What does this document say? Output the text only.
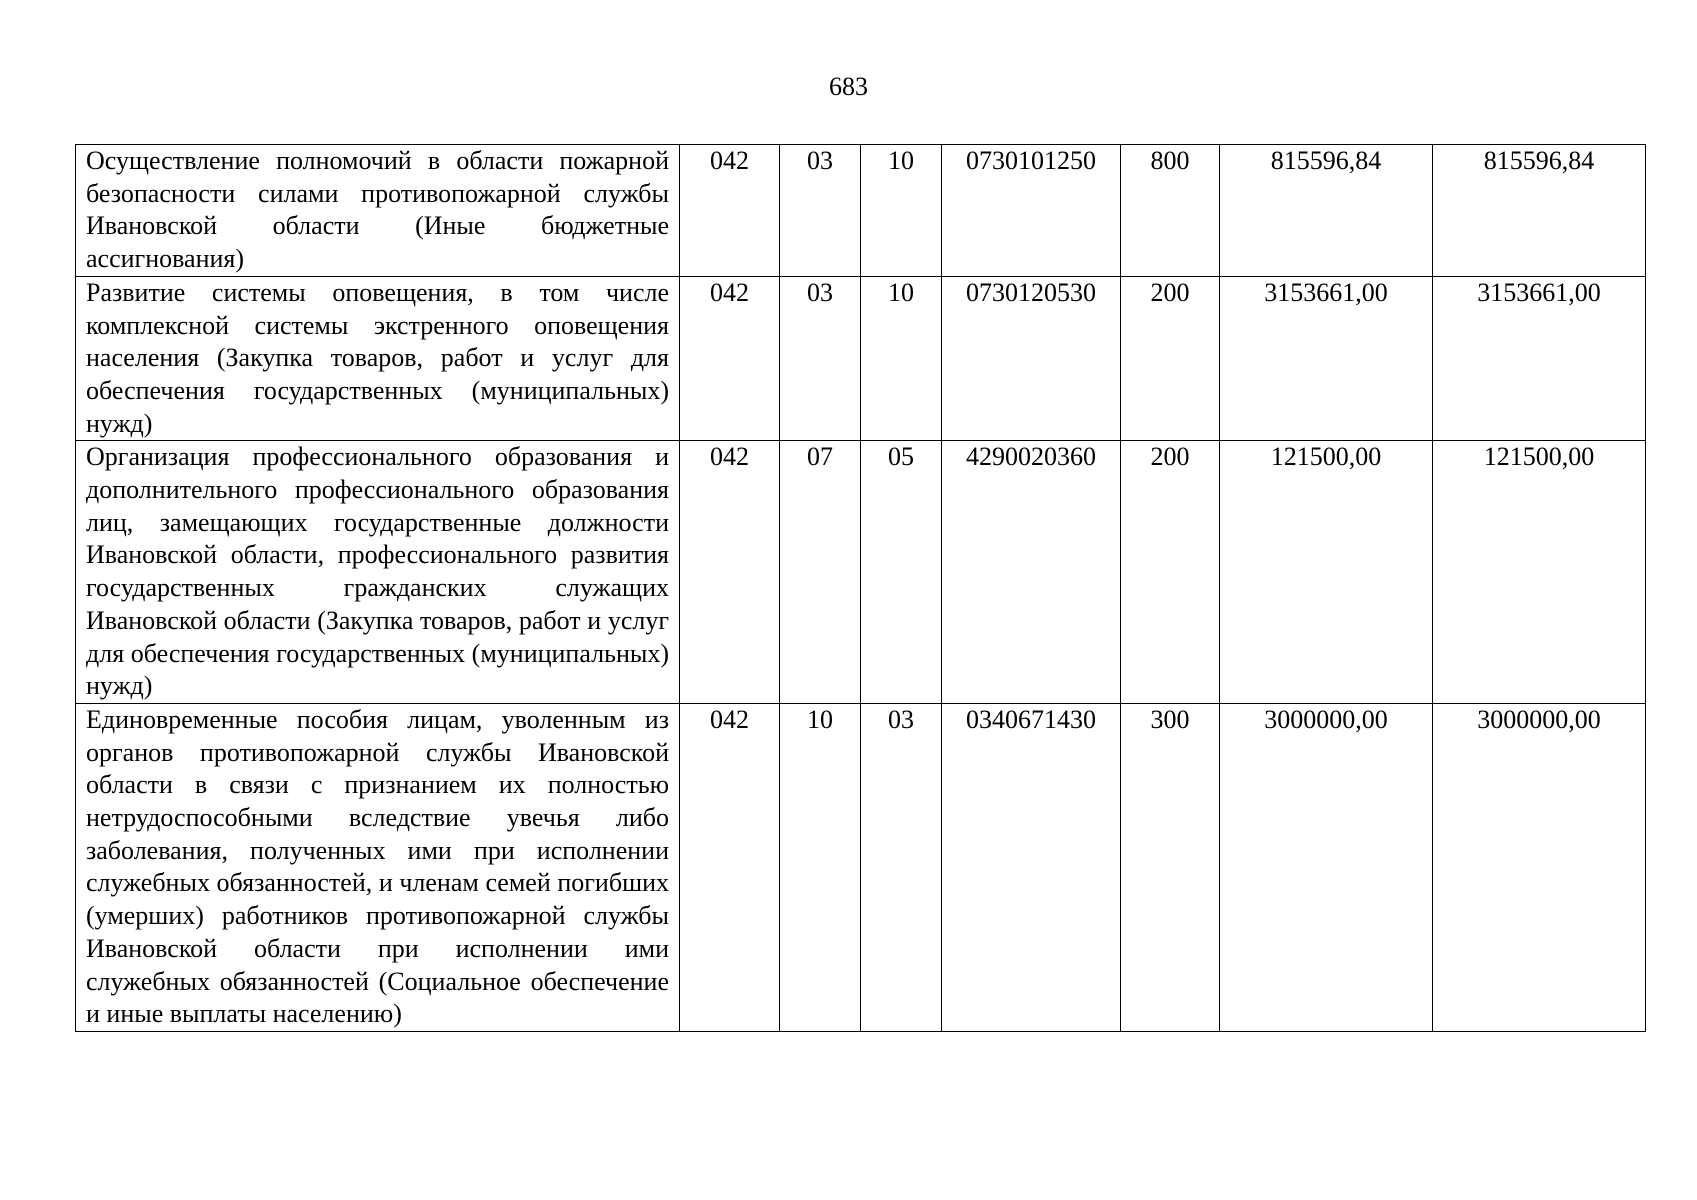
683
Осуществление полномочий в области пожарной безопасности силами противопожарной службы Ивановской области (Иные бюджетные ассигнования)	042	03	10	0730101250	800	815596,84	815596,84
Развитие системы оповещения, в том числе комплексной системы экстренного оповещения населения (Закупка товаров, работ и услуг для обеспечения государственных (муниципальных) нужд)	042	03	10	0730120530	200	3153661,00	3153661,00
Организация профессионального образования и дополнительного профессионального образования лиц, замещающих государственные должности Ивановской области, профессионального развития государственных гражданских служащих Ивановской области (Закупка товаров, работ и услуг для обеспечения государственных (муниципальных) нужд)	042	07	05	4290020360	200	121500,00	121500,00
Единовременные пособия лицам, уволенным из органов противопожарной службы Ивановской области в связи с признанием их полностью нетрудоспособными вследствие увечья либо заболевания, полученных ими при исполнении служебных обязанностей, и членам семей погибших (умерших) работников противопожарной службы Ивановской области при исполнении ими служебных обязанностей (Социальное обеспечение и иные выплаты населению)	042	10	03	0340671430	300	3000000,00	3000000,00
